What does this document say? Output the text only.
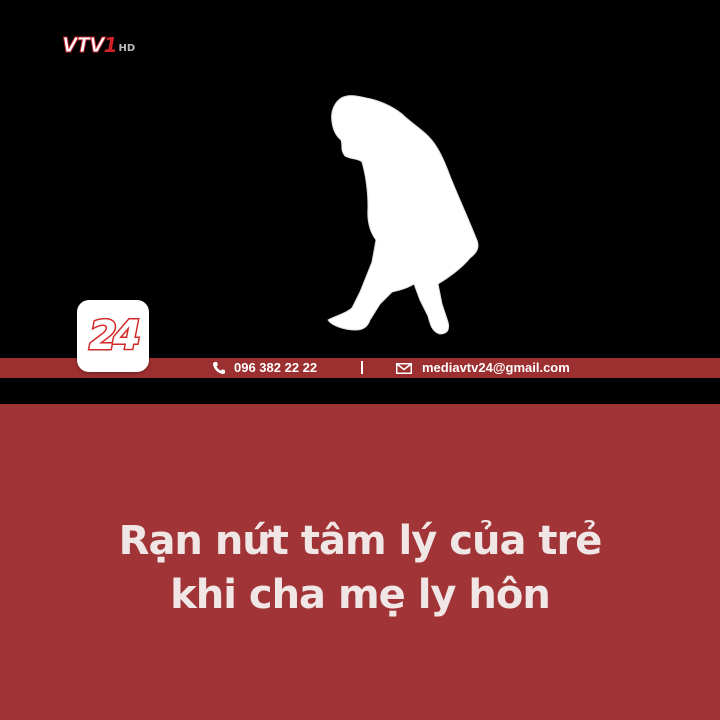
VTV1 HD
096 382 22 22	mediavtv24@gmail.com
24
Rạn nứt tâm lý của trẻ
khi cha mẹ ly hôn
